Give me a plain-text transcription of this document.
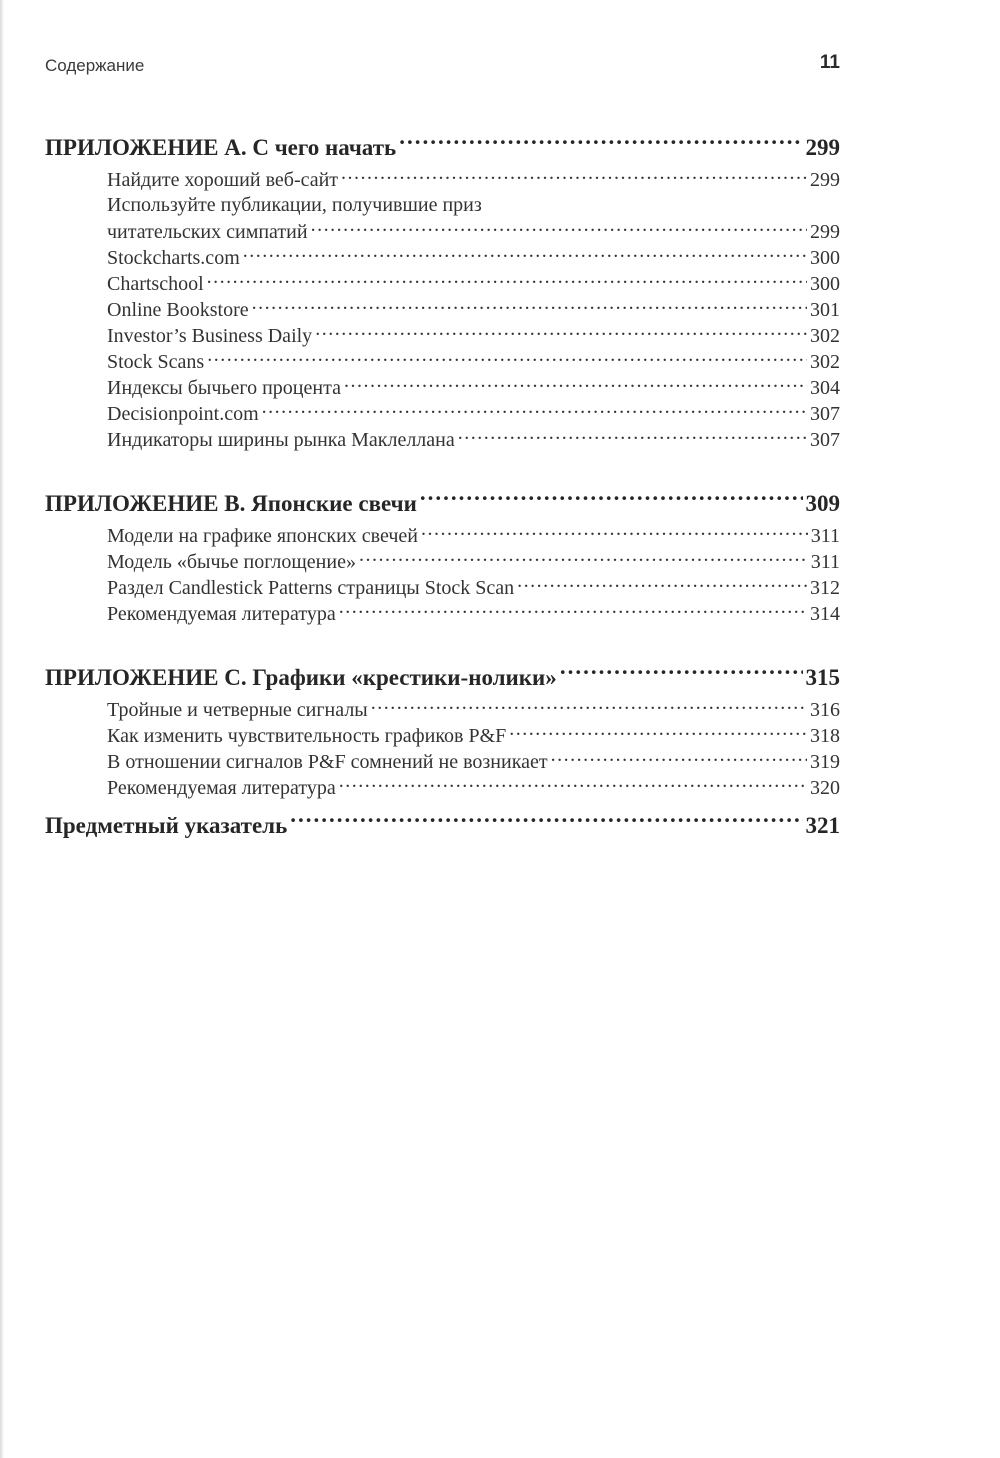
Содержание	11
ПРИЛОЖЕНИЕ А. С чего начать .....	299
Найдите хороший веб-сайт .....	299
Используйте публикации, получившие приз
читательских симпатий .....	299
Stockcharts.com .....	300
Chartschool .....	300
Online Bookstore .....	301
Investor’s Business Daily .....	302
Stock Scans .....	302
Индексы бычьего процента .....	304
Decisionpoint.com .....	307
Индикаторы ширины рынка Маклеллана .....	307
ПРИЛОЖЕНИЕ B. Японские свечи .....	309
Модели на графике японских свечей .....	311
Модель «бычье поглощение» .....	311
Раздел Candlestick Patterns страницы Stock Scan .....	312
Рекомендуемая литература .....	314
ПРИЛОЖЕНИЕ C. Графики «крестики-нолики» .....	315
Тройные и четверные сигналы .....	316
Как изменить чувствительность графиков P&F .....	318
В отношении сигналов P&F сомнений не возникает .....	319
Рекомендуемая литература .....	320
Предметный указатель .....	321
